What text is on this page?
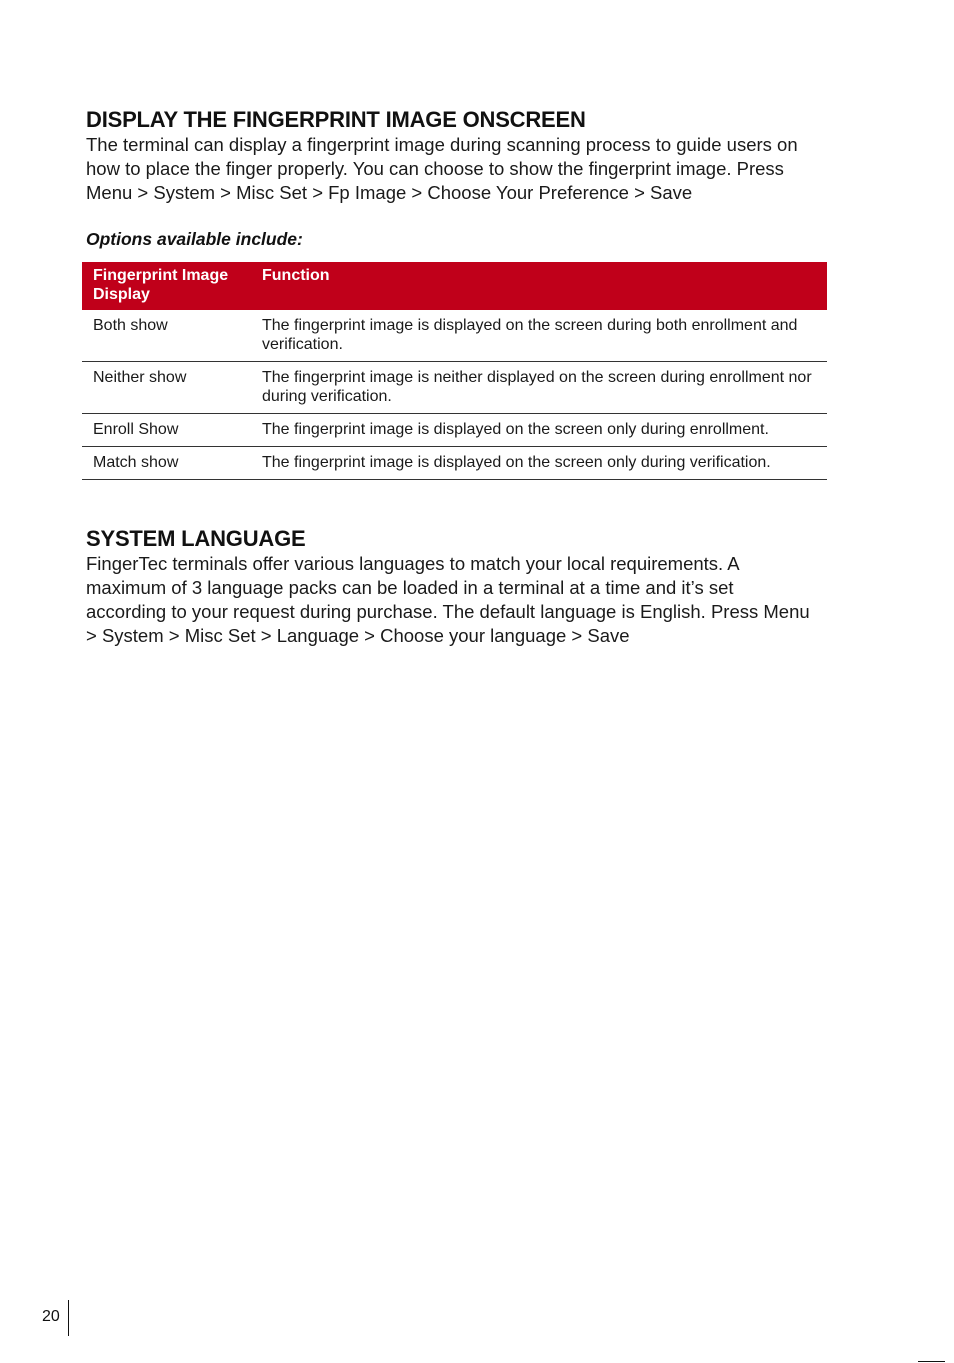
DISPLAY THE FINGERPRINT IMAGE ONSCREEN

The terminal can display a fingerprint image during scanning process to guide users on how to place the finger properly. You can choose to show the fingerprint image. Press Menu > System > Misc Set > Fp Image > Choose Your Preference > Save

Options available include:
Fingerprint Image Display	Function
Both show	The fingerprint image is displayed on the screen during both enrollment and verification.
Neither show	The fingerprint image is neither displayed on the screen during enrollment nor during verification.
Enroll Show	The fingerprint image is displayed on the screen only during enrollment.
Match show	The fingerprint image is displayed on the screen only during verification.
SYSTEM LANGUAGE

FingerTec terminals offer various languages to match your local requirements. A maximum of 3 language packs can be loaded in a terminal at a time and it’s set according to your request during purchase. The default language is English. Press Menu > System > Misc Set > Language > Choose your language > Save

20
